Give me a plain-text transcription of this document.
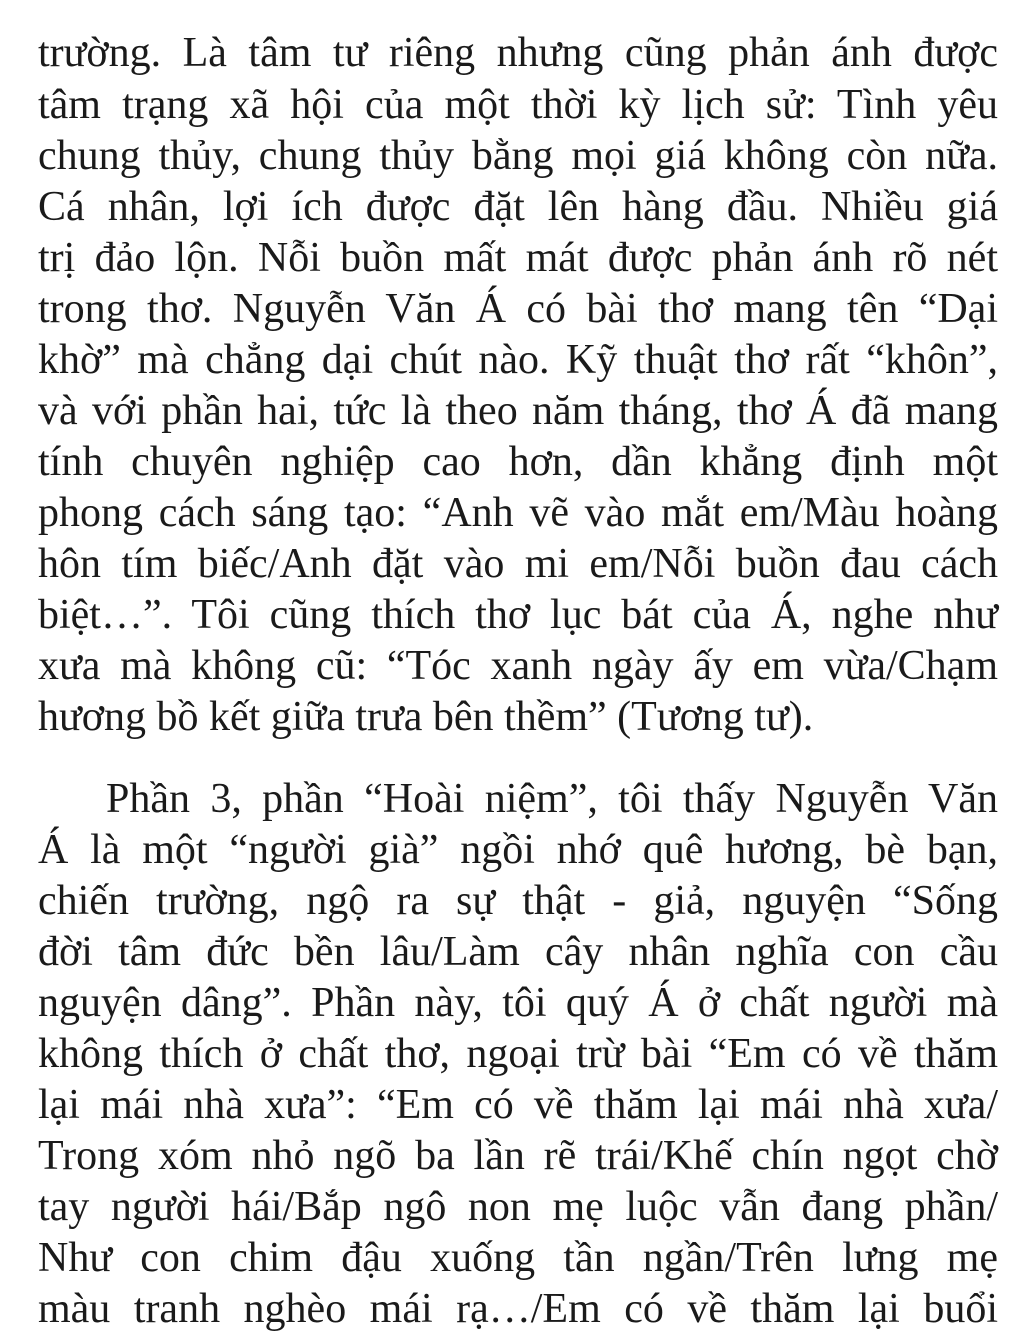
trường. Là tâm tư riêng nhưng cũng phản ánh được
tâm trạng xã hội của một thời kỳ lịch sử: Tình yêu
chung thủy, chung thủy bằng mọi giá không còn nữa.
Cá nhân, lợi ích được đặt lên hàng đầu. Nhiều giá
trị đảo lộn. Nỗi buồn mất mát được phản ánh rõ nét
trong thơ. Nguyễn Văn Á có bài thơ mang tên “Dại
khờ” mà chẳng dại chút nào. Kỹ thuật thơ rất “khôn”,
và với phần hai, tức là theo năm tháng, thơ Á đã mang
tính chuyên nghiệp cao hơn, dần khẳng định một
phong cách sáng tạo: “Anh vẽ vào mắt em/Màu hoàng
hôn tím biếc/Anh đặt vào mi em/Nỗi buồn đau cách
biệt…”. Tôi cũng thích thơ lục bát của Á, nghe như
xưa mà không cũ: “Tóc xanh ngày ấy em vừa/Chạm
hương bồ kết giữa trưa bên thềm” (Tương tư).
Phần 3, phần “Hoài niệm”, tôi thấy Nguyễn Văn
Á là một “người già” ngồi nhớ quê hương, bè bạn,
chiến trường, ngộ ra sự thật - giả, nguyện “Sống
đời tâm đức bền lâu/Làm cây nhân nghĩa con cầu
nguyện dâng”. Phần này, tôi quý Á ở chất người mà
không thích ở chất thơ, ngoại trừ bài “Em có về thăm
lại mái nhà xưa”: “Em có về thăm lại mái nhà xưa/
Trong xóm nhỏ ngõ ba lần rẽ trái/Khế chín ngọt chờ
tay người hái/Bắp ngô non mẹ luộc vẫn đang phần/
Như con chim đậu xuống tần ngần/Trên lưng mẹ
màu tranh nghèo mái rạ…/Em có về thăm lại buổi
